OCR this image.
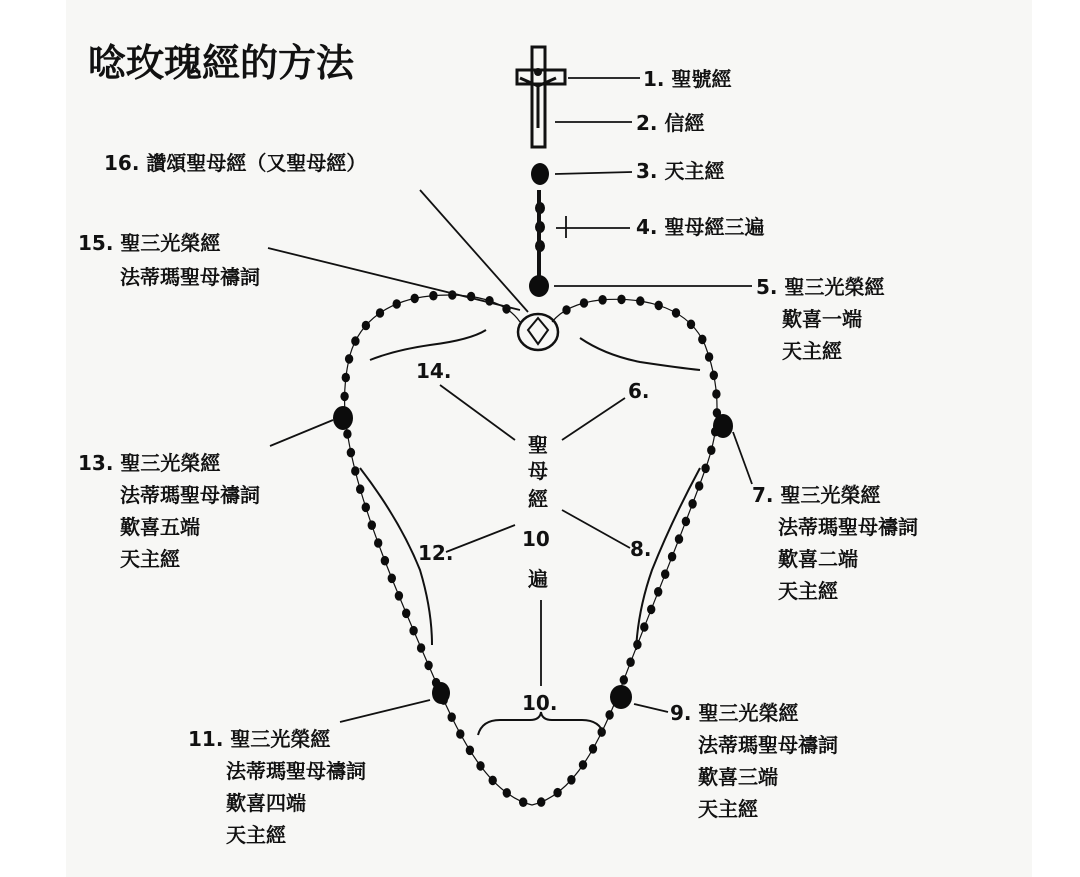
唸玫瑰經的方法	1. 聖號經
2. 信經
3. 天主經
4. 聖母經三遍
5. 聖三光榮經
歎喜一端
天主經
6.
7. 聖三光榮經
法蒂瑪聖母禱詞
歎喜二端
天主經
8.
9. 聖三光榮經
法蒂瑪聖母禱詞
歎喜三端
天主經
10.
11. 聖三光榮經
法蒂瑪聖母禱詞
歎喜四端
天主經
12.
13. 聖三光榮經
法蒂瑪聖母禱詞
歎喜五端
天主經
14.
15. 聖三光榮經
法蒂瑪聖母禱詞
16. 讚頌聖母經（又聖母經）
聖
母
經
10
遍
